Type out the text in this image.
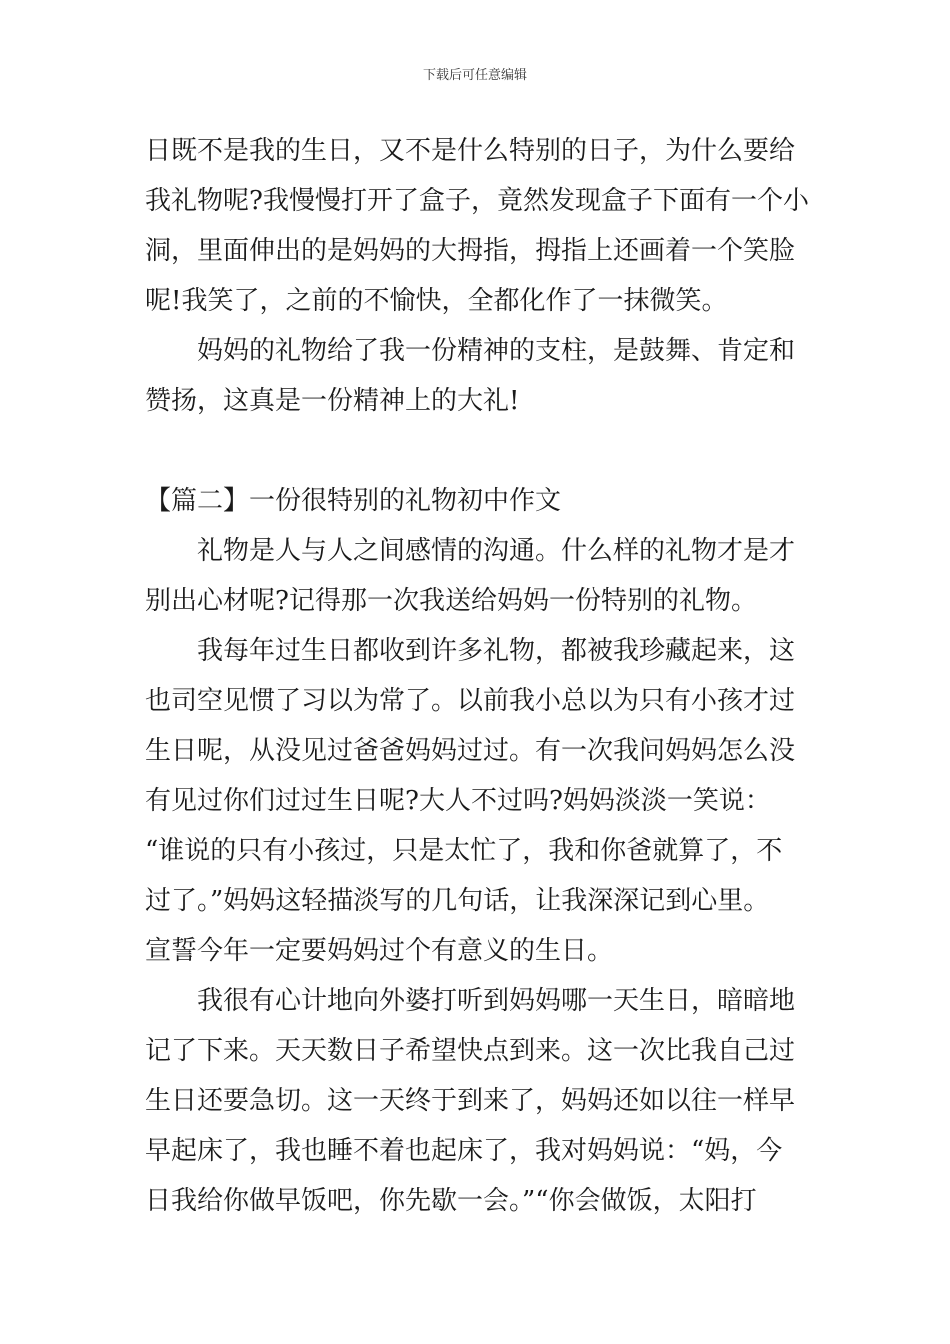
下载后可任意编辑
日既不是我的生日，又不是什么特别的日子，为什么要给
我礼物呢?我慢慢打开了盒子，竟然发现盒子下面有一个小
洞，里面伸出的是妈妈的大拇指，拇指上还画着一个笑脸
呢!我笑了，之前的不愉快，全都化作了一抹微笑。
妈妈的礼物给了我一份精神的支柱，是鼓舞、肯定和
赞扬，这真是一份精神上的大礼!
【篇二】一份很特别的礼物初中作文
礼物是人与人之间感情的沟通。什么样的礼物才是才
别出心材呢?记得那一次我送给妈妈一份特别的礼物。
我每年过生日都收到许多礼物，都被我珍藏起来，这
也司空见惯了习以为常了。以前我小总以为只有小孩才过
生日呢，从没见过爸爸妈妈过过。有一次我问妈妈怎么没
有见过你们过过生日呢?大人不过吗?妈妈淡淡一笑说：
“谁说的只有小孩过，只是太忙了，我和你爸就算了，不
过了。”妈妈这轻描淡写的几句话，让我深深记到心里。
宣誓今年一定要妈妈过个有意义的生日。
我很有心计地向外婆打听到妈妈哪一天生日，暗暗地
记了下来。天天数日子希望快点到来。这一次比我自己过
生日还要急切。这一天终于到来了，妈妈还如以往一样早
早起床了，我也睡不着也起床了，我对妈妈说：“妈，今
日我给你做早饭吧，你先歇一会。”“你会做饭，太阳打
